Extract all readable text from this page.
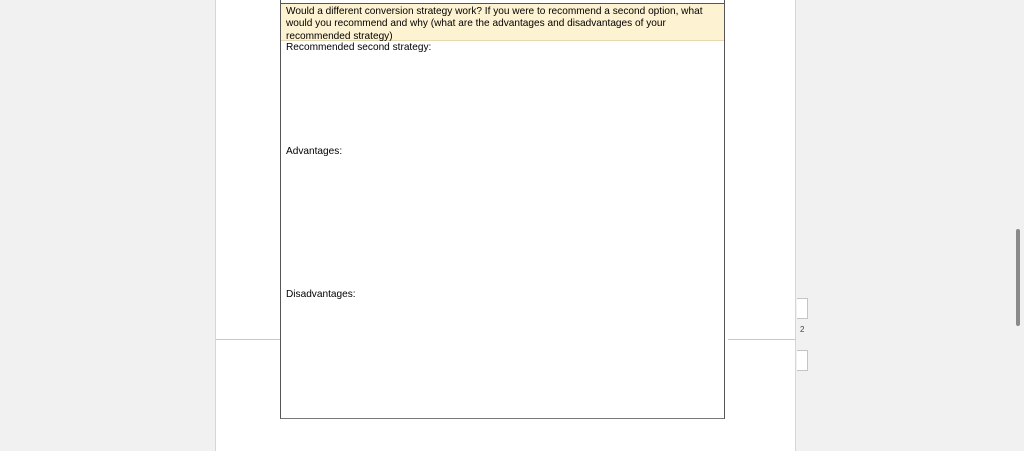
Would a different conversion strategy work? If you were to recommend a second option, what would you recommend and why (what are the advantages and disadvantages of your recommended strategy)
Recommended second strategy:
Advantages:
Disadvantages:
2
